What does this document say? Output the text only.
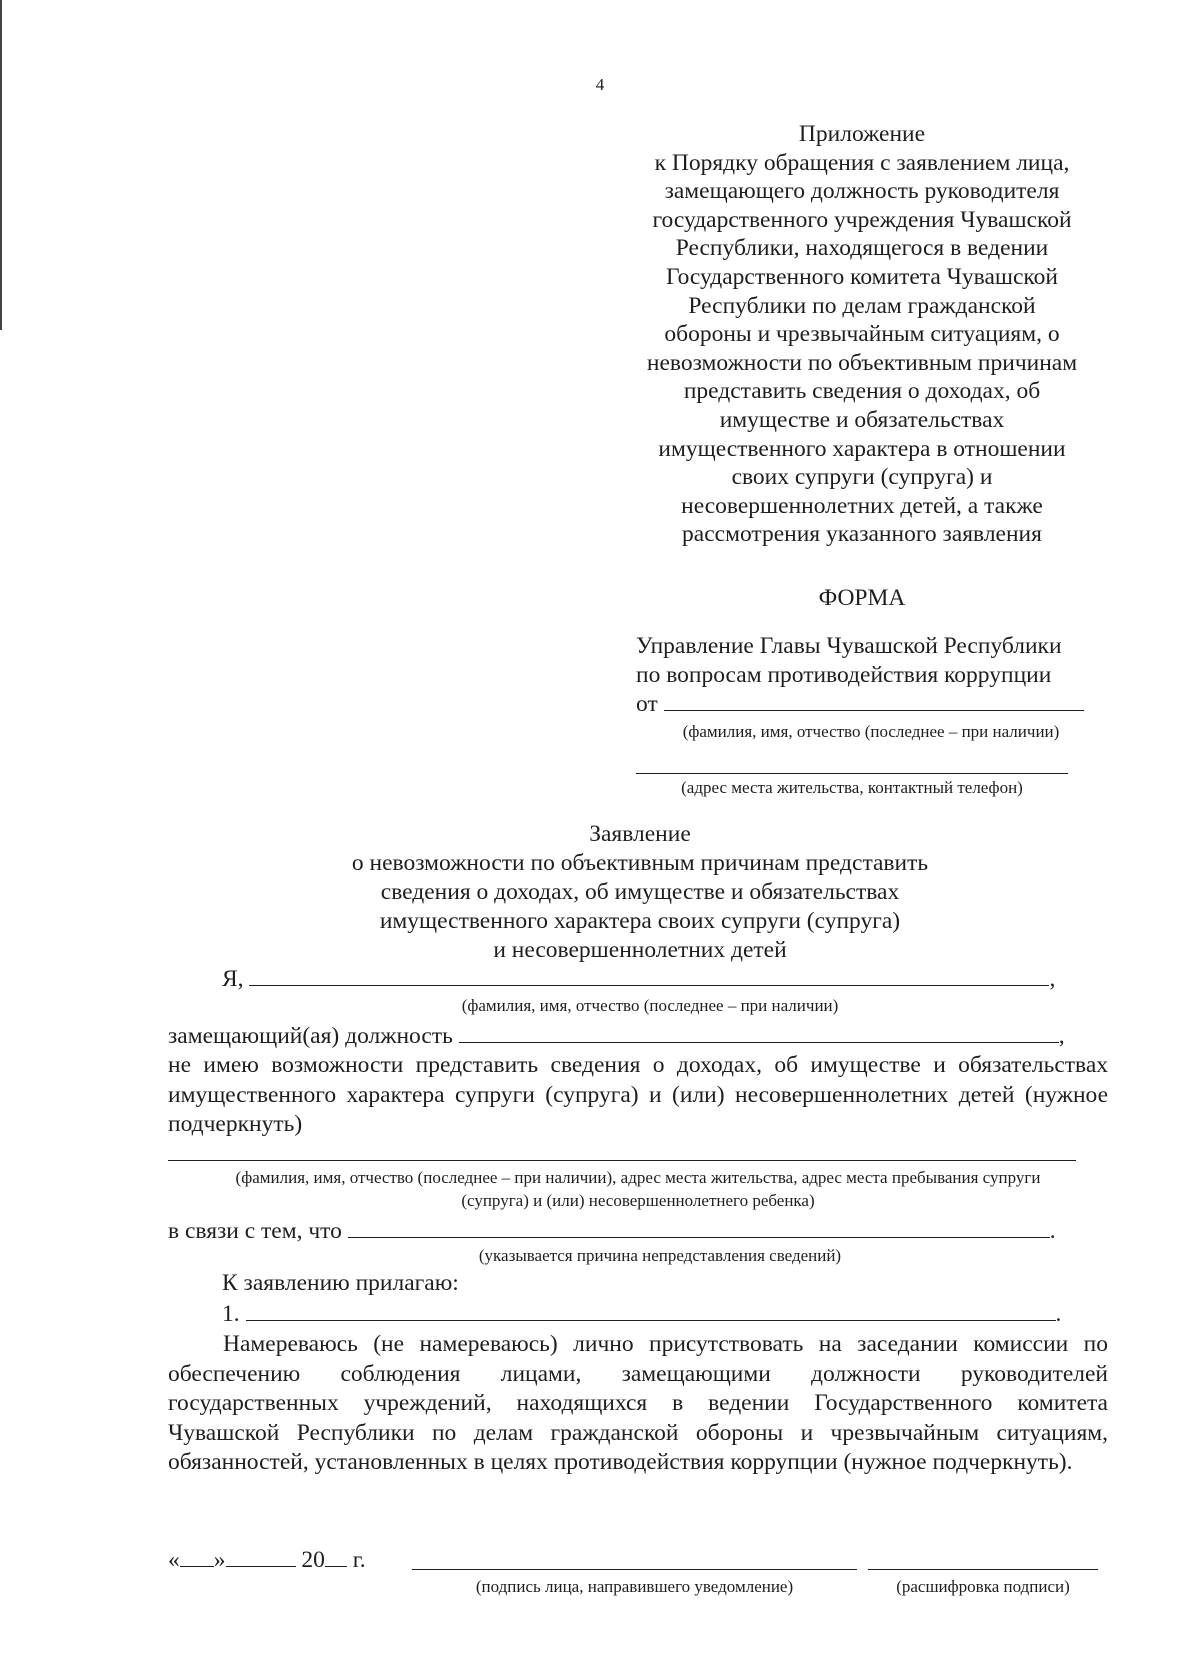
4
Приложение
к Порядку обращения с заявлением лица,
замещающего должность руководителя
государственного учреждения Чувашской
Республики, находящегося в ведении
Государственного комитета Чувашской
Республики по делам гражданской
обороны и чрезвычайным ситуациям, о
невозможности по объективным причинам
представить сведения о доходах, об
имуществе и обязательствах
имущественного характера в отношении
своих супруги (супруга) и
несовершеннолетних детей, а также
рассмотрения указанного заявления
ФОРМА
Управление Главы Чувашской Республики
по вопросам противодействия коррупции
от
(фамилия, имя, отчество (последнее – при наличии)
(адрес места жительства, контактный телефон)
Заявление
о невозможности по объективным причинам представить
сведения о доходах, об имуществе и обязательствах
имущественного характера своих супруги (супруга)
и несовершеннолетних детей
Я,	,
(фамилия, имя, отчество (последнее – при наличии)
замещающий(ая) должность	,
не имею возможности представить сведения о доходах, об имуществе и обязательствах имущественного характера супруги (супруга) и (или) несовершеннолетних детей (нужное подчеркнуть)
(фамилия, имя, отчество (последнее – при наличии), адрес места жительства, адрес места пребывания супруги
(супруга) и (или) несовершеннолетнего ребенка)
в связи с тем, что	.
(указывается причина непредставления сведений)
К заявлению прилагаю:
1.	.
Намереваюсь (не намереваюсь) лично присутствовать на заседании комиссии по обеспечению соблюдения лицами, замещающими должности руководителей государственных учреждений, находящихся в ведении Государственного комитета Чувашской Республики по делам гражданской обороны и чрезвычайным ситуациям, обязанностей, установленных в целях противодействия коррупции (нужное подчеркнуть).
« »	20 г.
(подпись лица, направившего уведомление)	(расшифровка подписи)
